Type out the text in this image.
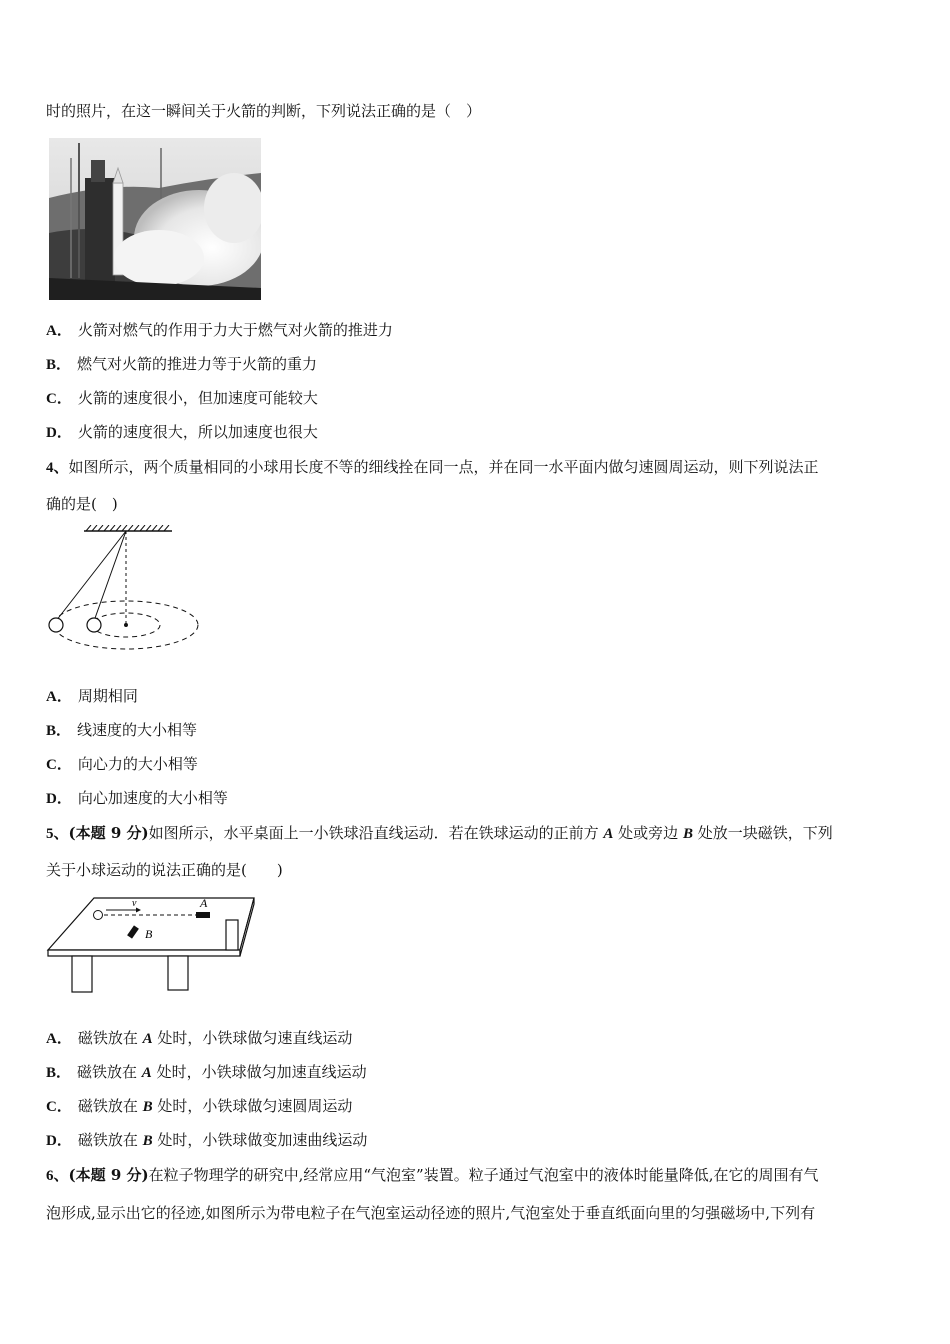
时的照片，在这一瞬间关于火箭的判断，下列说法正确的是（　）
A． 火箭对燃气的作用于力大于燃气对火箭的推进力
B． 燃气对火箭的推进力等于火箭的重力
C． 火箭的速度很小，但加速度可能较大
D． 火箭的速度很大，所以加速度也很大
4、如图所示，两个质量相同的小球用长度不等的细线拴在同一点，并在同一水平面内做匀速圆周运动，则下列说法正
确的是(　)
A． 周期相同
B． 线速度的大小相等
C． 向心力的大小相等
D． 向心加速度的大小相等
5、(本题 9 分)如图所示，水平桌面上一小铁球沿直线运动．若在铁球运动的正前方 A 处或旁边 B 处放一块磁铁，下列
关于小球运动的说法正确的是(　　)
v	A
B
A． 磁铁放在 A 处时，小铁球做匀速直线运动
B． 磁铁放在 A 处时，小铁球做匀加速直线运动
C． 磁铁放在 B 处时，小铁球做匀速圆周运动
D． 磁铁放在 B 处时，小铁球做变加速曲线运动
6、(本题 9 分)在粒子物理学的研究中,经常应用“气泡室”装置。粒子通过气泡室中的液体时能量降低,在它的周围有气
泡形成,显示出它的径迹,如图所示为带电粒子在气泡室运动径迹的照片,气泡室处于垂直纸面向里的匀强磁场中,下列有
